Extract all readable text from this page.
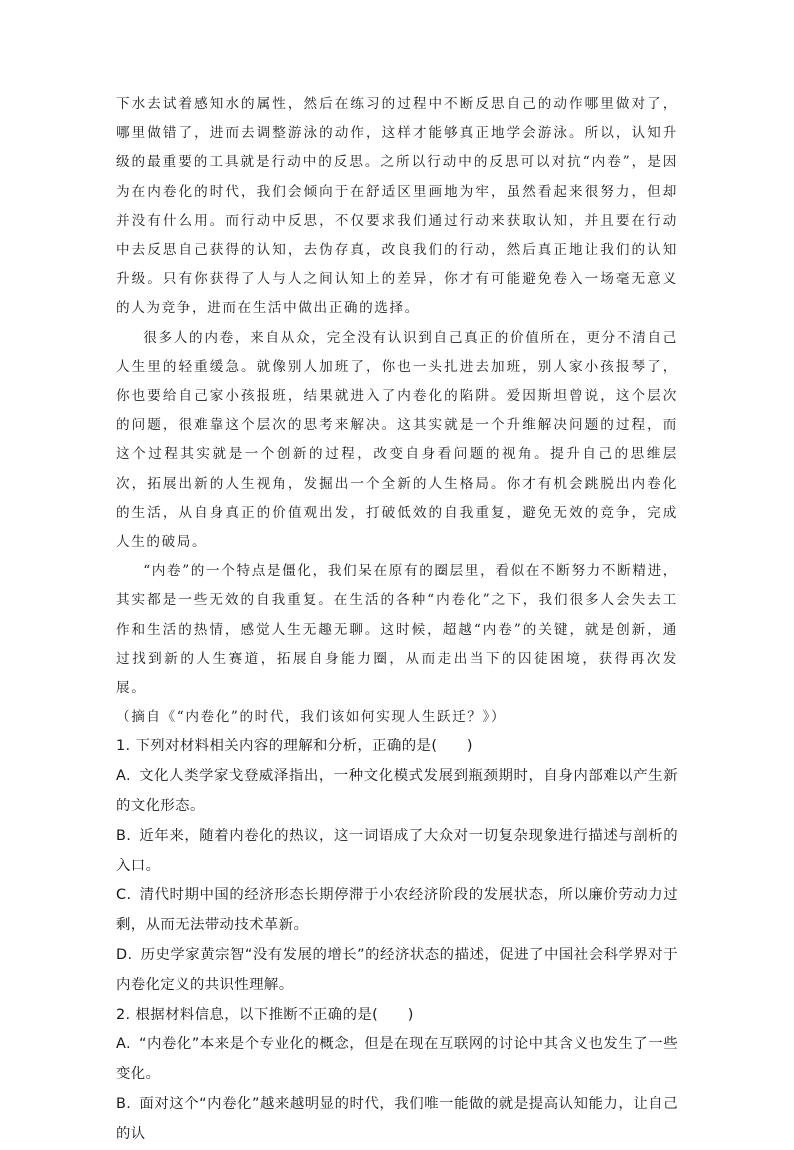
下水去试着感知水的属性，然后在练习的过程中不断反思自己的动作哪里做对了，哪里做错了，进而去调整游泳的动作，这样才能够真正地学会游泳。所以，认知升级的最重要的工具就是行动中的反思。之所以行动中的反思可以对抗“内卷”，是因为在内卷化的时代，我们会倾向于在舒适区里画地为牢，虽然看起来很努力，但却并没有什么用。而行动中反思，不仅要求我们通过行动来获取认知，并且要在行动中去反思自己获得的认知，去伪存真，改良我们的行动，然后真正地让我们的认知升级。只有你获得了人与人之间认知上的差异，你才有可能避免卷入一场毫无意义的人为竞争，进而在生活中做出正确的选择。

很多人的内卷，来自从众，完全没有认识到自己真正的价值所在，更分不清自己人生里的轻重缓急。就像别人加班了，你也一头扎进去加班，别人家小孩报琴了，你也要给自己家小孩报班，结果就进入了内卷化的陷阱。爱因斯坦曾说，这个层次的问题，很难靠这个层次的思考来解决。这其实就是一个升维解决问题的过程，而这个过程其实就是一个创新的过程，改变自身看问题的视角。提升自己的思维层次，拓展出新的人生视角，发掘出一个全新的人生格局。你才有机会跳脱出内卷化的生活，从自身真正的价值观出发，打破低效的自我重复，避免无效的竞争，完成人生的破局。

“内卷”的一个特点是僵化，我们呆在原有的圈层里，看似在不断努力不断精进，其实都是一些无效的自我重复。在生活的各种“内卷化”之下，我们很多人会失去工作和生活的热情，感觉人生无趣无聊。这时候，超越“内卷”的关键，就是创新，通过找到新的人生赛道，拓展自身能力圈，从而走出当下的囚徒困境，获得再次发展。

（摘自《“内卷化”的时代，我们该如何实现人生跃迁？》）

1. 下列对材料相关内容的理解和分析，正确的是(　　)

A. 文化人类学家戈登威泽指出，一种文化模式发展到瓶颈期时，自身内部难以产生新的文化形态。

B. 近年来，随着内卷化的热议，这一词语成了大众对一切复杂现象进行描述与剖析的入口。

C. 清代时期中国的经济形态长期停滞于小农经济阶段的发展状态，所以廉价劳动力过剩，从而无法带动技术革新。

D. 历史学家黄宗智“没有发展的增长”的经济状态的描述，促进了中国社会科学界对于内卷化定义的共识性理解。

2. 根据材料信息，以下推断不正确的是(　　)

A. “内卷化”本来是个专业化的概念，但是在现在互联网的讨论中其含义也发生了一些变化。

B. 面对这个“内卷化”越来越明显的时代，我们唯一能做的就是提高认知能力，让自己的认
